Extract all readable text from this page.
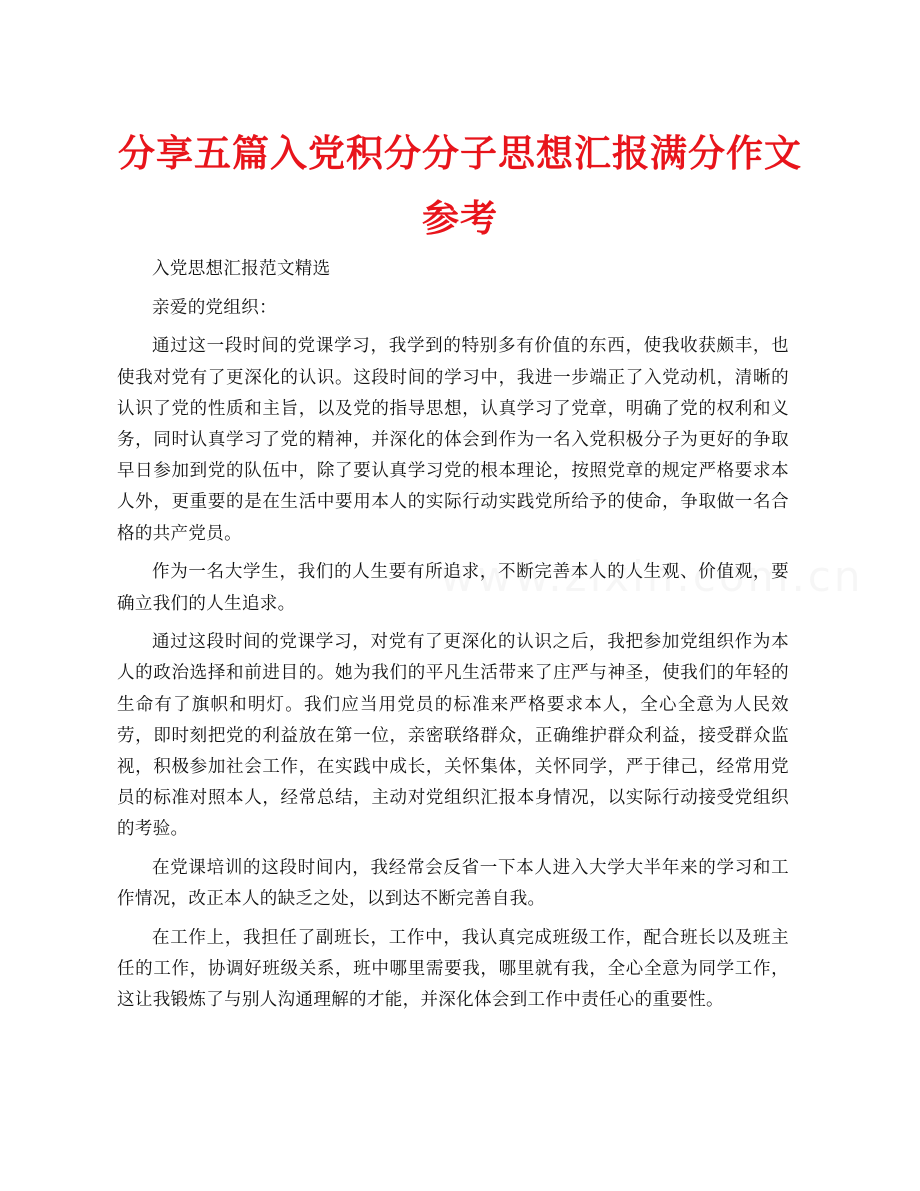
分享五篇入党积分分子思想汇报满分作文
参考

入党思想汇报范文精选

亲爱的党组织：

通过这一段时间的党课学习，我学到的特别多有价值的东西，使我收获颇丰，也使我对党有了更深化的认识。这段时间的学习中，我进一步端正了入党动机，清晰的认识了党的性质和主旨，以及党的指导思想，认真学习了党章，明确了党的权利和义务，同时认真学习了党的精神，并深化的体会到作为一名入党积极分子为更好的争取早日参加到党的队伍中，除了要认真学习党的根本理论，按照党章的规定严格要求本人外，更重要的是在生活中要用本人的实际行动实践党所给予的使命，争取做一名合格的共产党员。

作为一名大学生，我们的人生要有所追求，不断完善本人的人生观、价值观，要确立我们的人生追求。

通过这段时间的党课学习，对党有了更深化的认识之后，我把参加党组织作为本人的政治选择和前进目的。她为我们的平凡生活带来了庄严与神圣，使我们的年轻的生命有了旗帜和明灯。我们应当用党员的标准来严格要求本人，全心全意为人民效劳，即时刻把党的利益放在第一位，亲密联络群众，正确维护群众利益，接受群众监视，积极参加社会工作，在实践中成长，关怀集体，关怀同学，严于律己，经常用党员的标准对照本人，经常总结，主动对党组织汇报本身情况，以实际行动接受党组织的考验。

在党课培训的这段时间内，我经常会反省一下本人进入大学大半年来的学习和工作情况，改正本人的缺乏之处，以到达不断完善自我。

在工作上，我担任了副班长，工作中，我认真完成班级工作，配合班长以及班主任的工作，协调好班级关系，班中哪里需要我，哪里就有我，全心全意为同学工作，这让我锻炼了与别人沟通理解的才能，并深化体会到工作中责任心的重要性。
